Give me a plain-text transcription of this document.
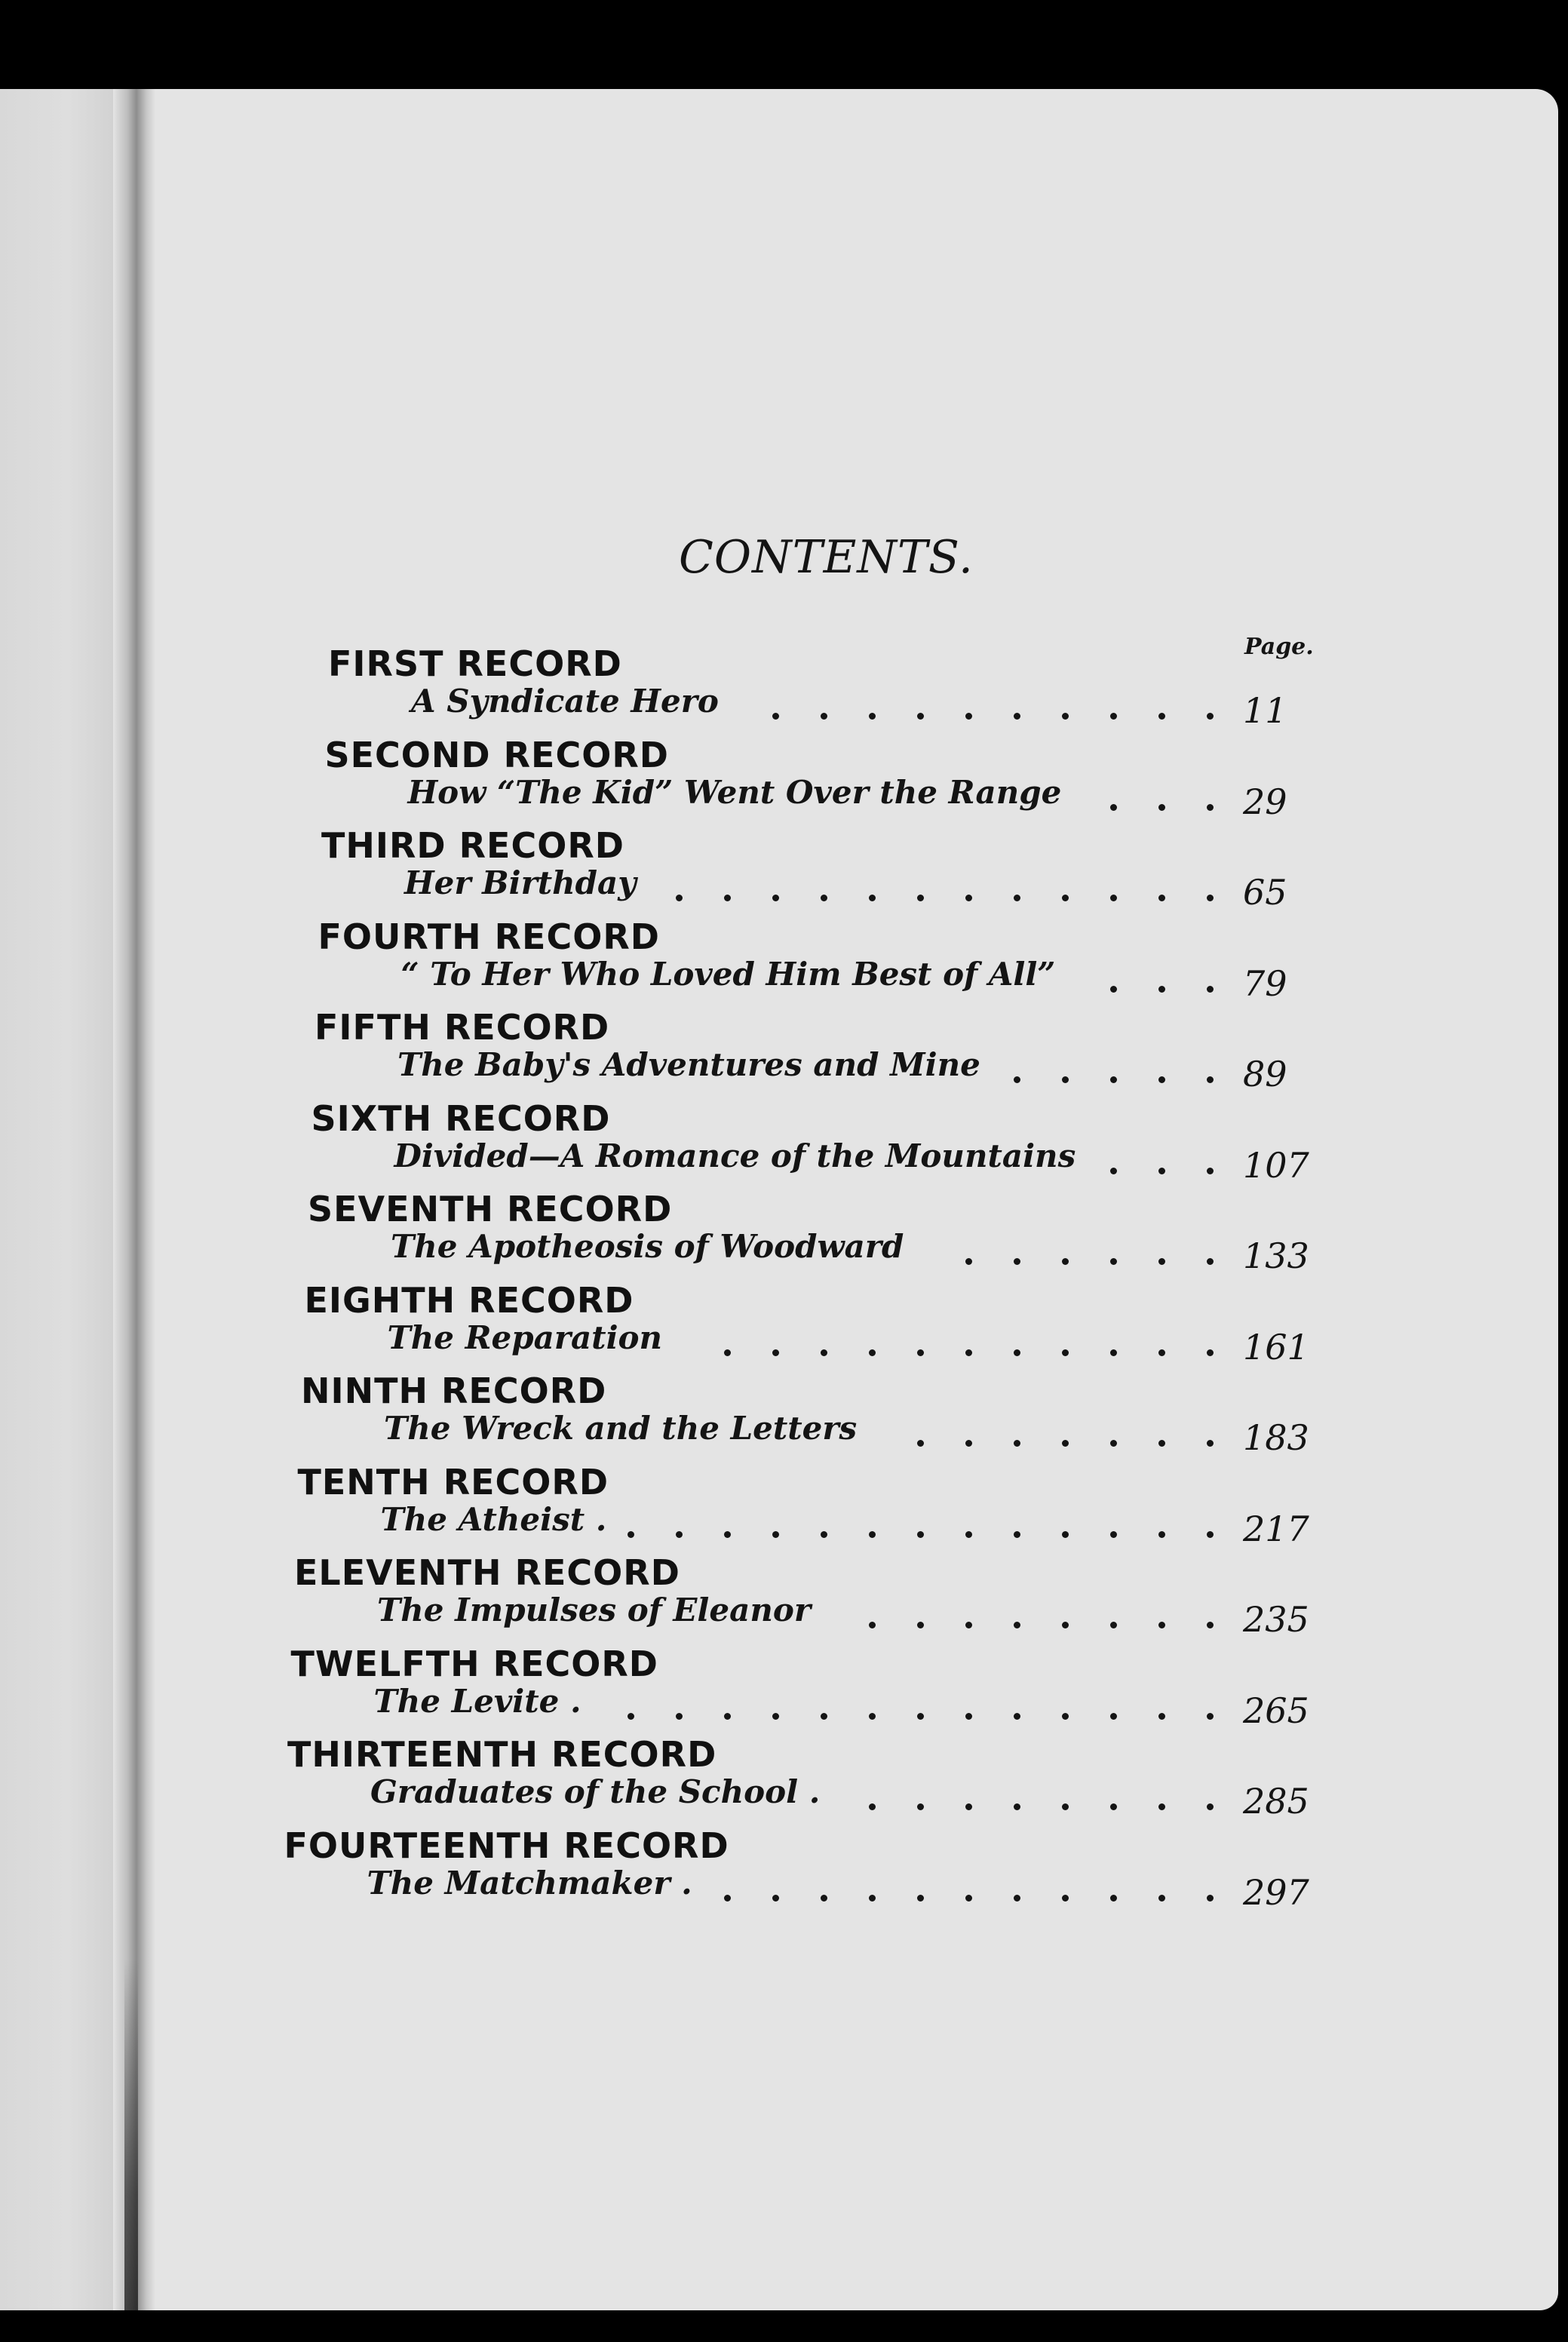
CONTENTS.
Page.
FIRST RECORD
A Syndicate Hero	11
SECOND RECORD
How “The Kid” Went Over the Range	29
THIRD RECORD
Her Birthday	65
FOURTH RECORD
“ To Her Who Loved Him Best of All”	79
FIFTH RECORD
The Baby's Adventures and Mine	89
SIXTH RECORD
Divided—A Romance of the Mountains	107
SEVENTH RECORD
The Apotheosis of Woodward	133
EIGHTH RECORD
The Reparation	161
NINTH RECORD
The Wreck and the Letters	183
TENTH RECORD
The Atheist .	217
ELEVENTH RECORD
The Impulses of Eleanor	235
TWELFTH RECORD
The Levite .	265
THIRTEENTH RECORD
Graduates of the School .	285
FOURTEENTH RECORD
The Matchmaker .	297
